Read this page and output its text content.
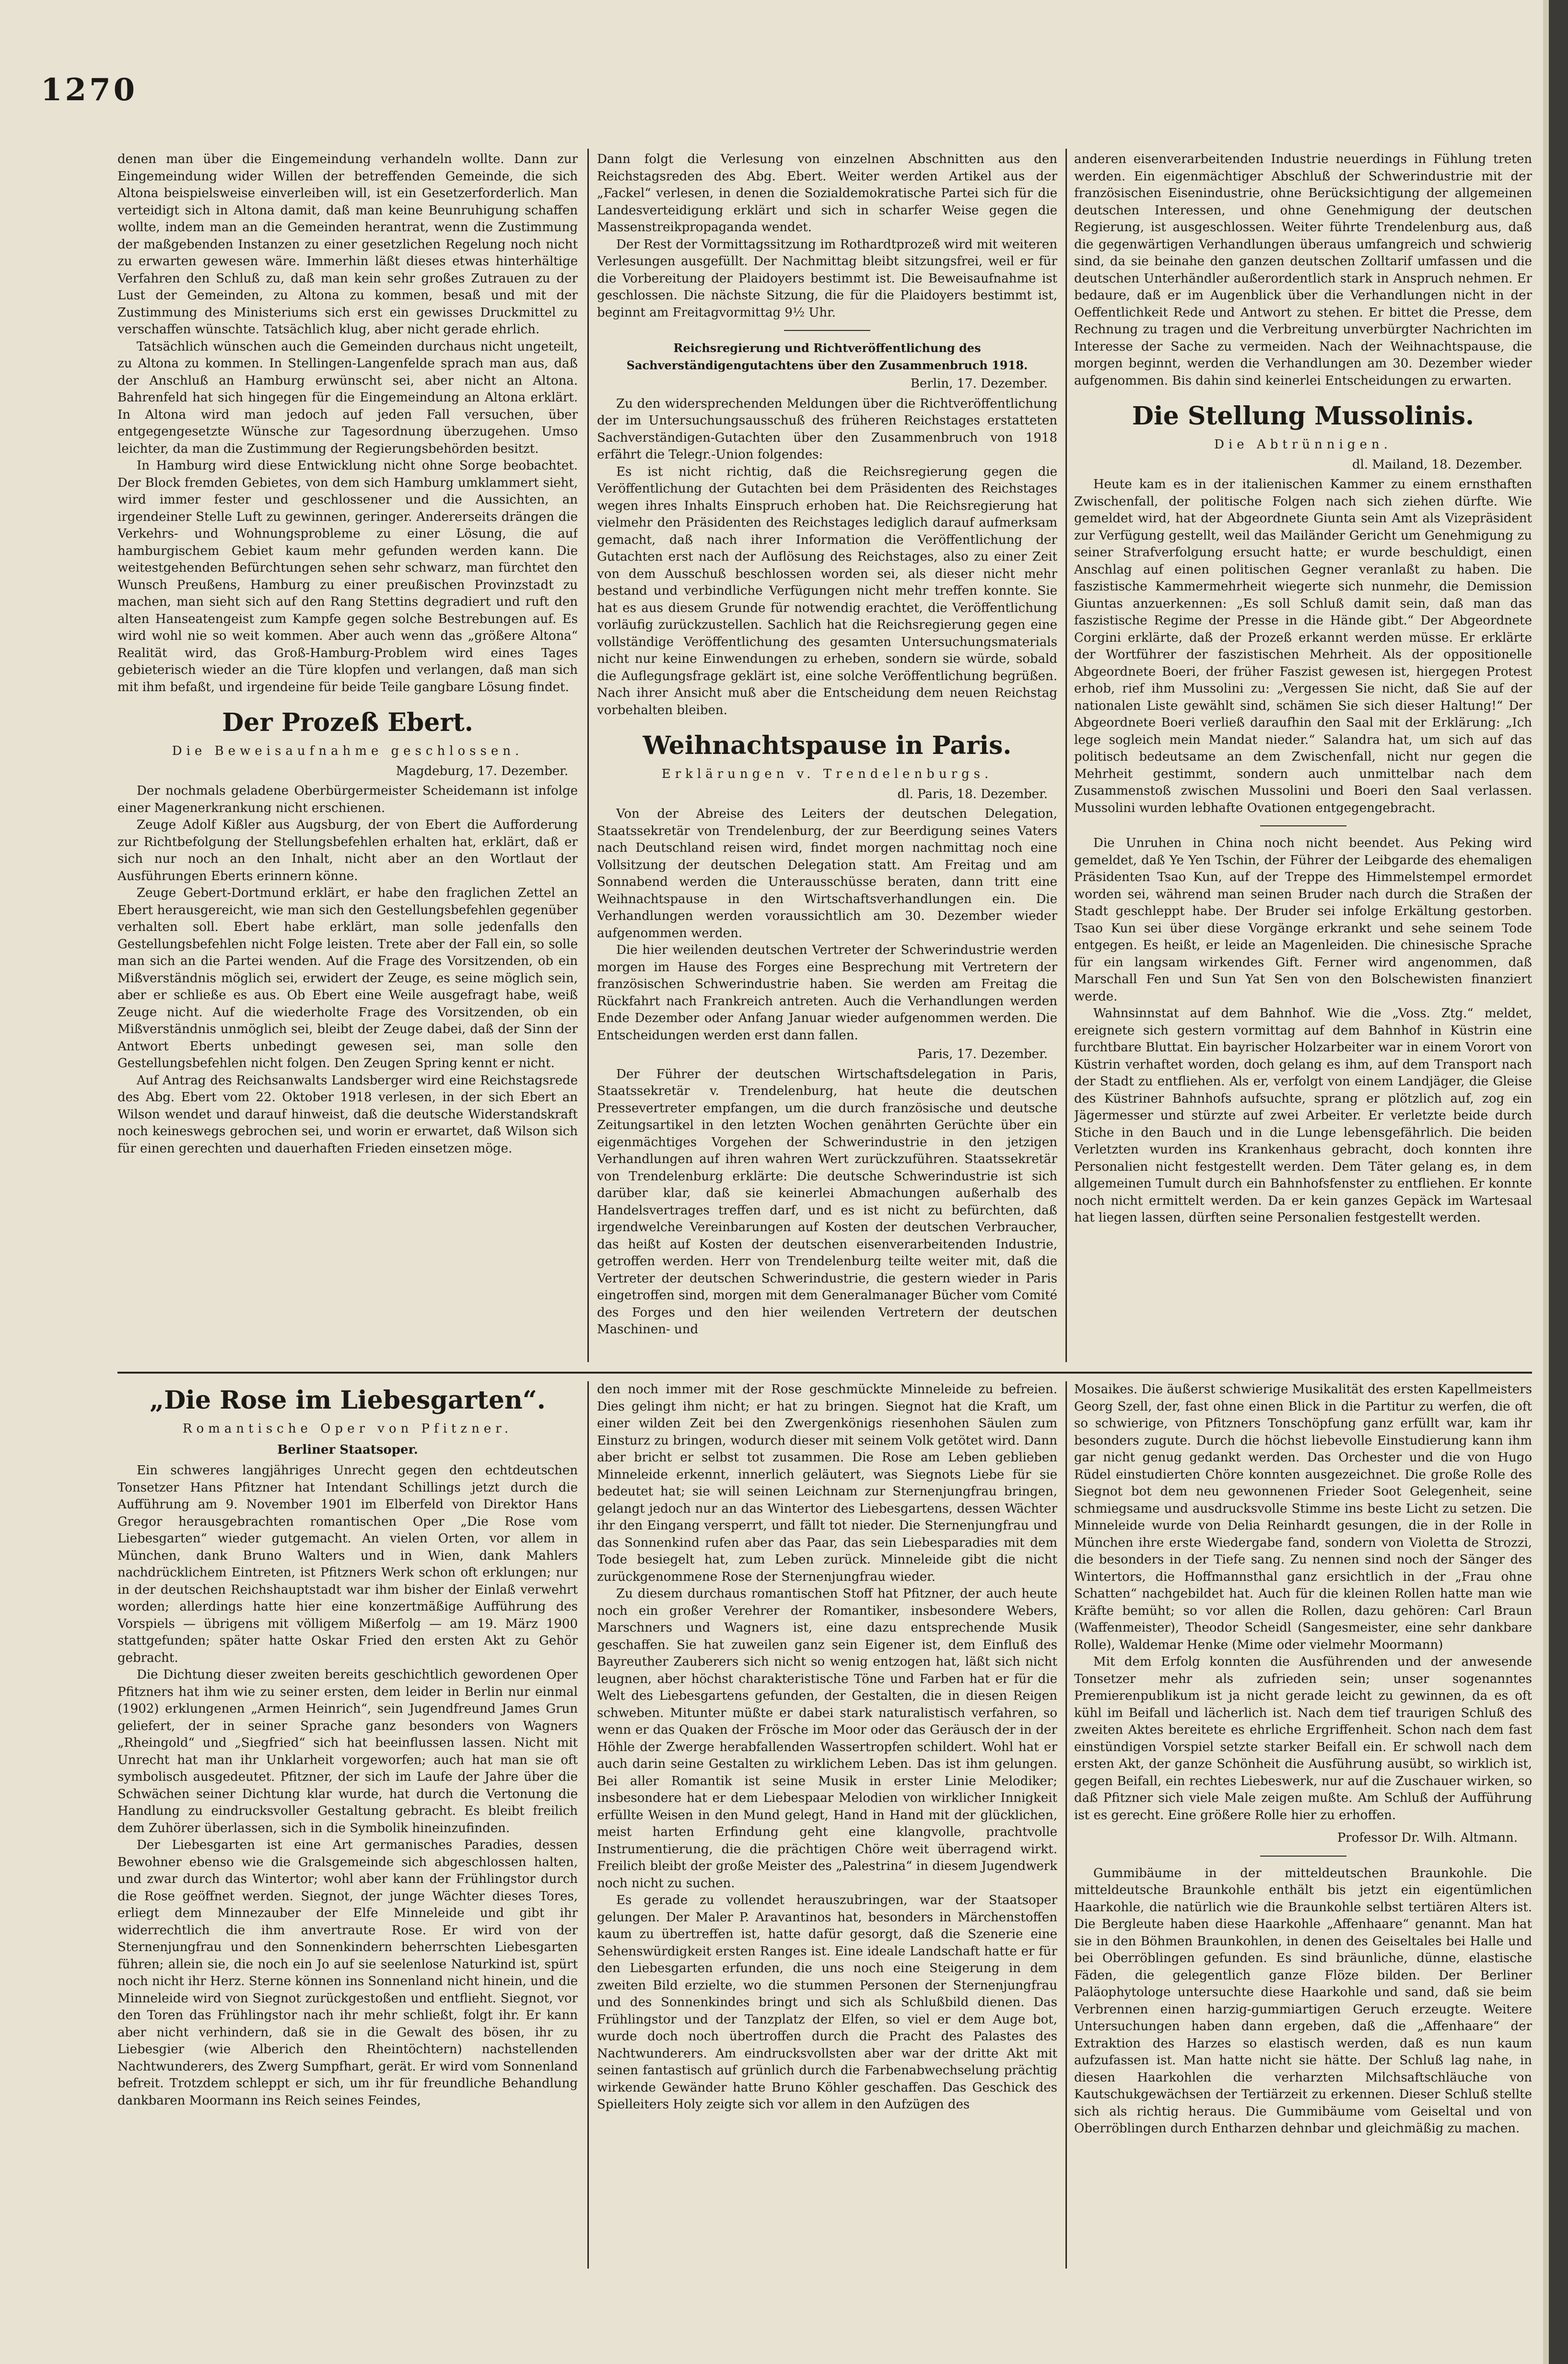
1270

denen man über die Eingemeindung verhandeln wollte. Dann zur Eingemeindung wider Willen der betreffenden Gemeinde, die sich Altona beispielsweise einverleiben will, ist ein Gesetzerforderlich. Man verteidigt sich in Altona damit, daß man keine Beunruhigung schaffen wollte, indem man an die Gemeinden herantrat, wenn die Zustimmung der maßgebenden Instanzen zu einer gesetzlichen Regelung noch nicht zu erwarten gewesen wäre. Immerhin läßt dieses etwas hinterhältige Verfahren den Schluß zu, daß man kein sehr großes Zutrauen zu der Lust der Gemeinden, zu Altona zu kommen, besaß und mit der Zustimmung des Ministeriums sich erst ein gewisses Druckmittel zu verschaffen wünschte. Tatsächlich klug, aber nicht gerade ehrlich.

Tatsächlich wünschen auch die Gemeinden durchaus nicht ungeteilt, zu Altona zu kommen. In Stellingen-Langenfelde sprach man aus, daß der Anschluß an Hamburg erwünscht sei, aber nicht an Altona. Bahrenfeld hat sich hingegen für die Eingemeindung an Altona erklärt. In Altona wird man jedoch auf jeden Fall versuchen, über entgegengesetzte Wünsche zur Tagesordnung überzugehen. Umso leichter, da man die Zustimmung der Regierungsbehörden besitzt.

In Hamburg wird diese Entwicklung nicht ohne Sorge beobachtet. Der Block fremden Gebietes, von dem sich Hamburg umklammert sieht, wird immer fester und geschlossener und die Aussichten, an irgendeiner Stelle Luft zu gewinnen, geringer. Andererseits drängen die Verkehrs- und Wohnungsprobleme zu einer Lösung, die auf hamburgischem Gebiet kaum mehr gefunden werden kann. Die weitestgehenden Befürchtungen sehen sehr schwarz, man fürchtet den Wunsch Preußens, Hamburg zu einer preußischen Provinzstadt zu machen, man sieht sich auf den Rang Stettins degradiert und ruft den alten Hanseatengeist zum Kampfe gegen solche Bestrebungen auf. Es wird wohl nie so weit kommen. Aber auch wenn das „größere Altona“ Realität wird, das Groß-Hamburg-Problem wird eines Tages gebieterisch wieder an die Türe klopfen und verlangen, daß man sich mit ihm befaßt, und irgendeine für beide Teile gangbare Lösung findet.

Der Prozeß Ebert.
Die Beweisaufnahme geschlossen.
Magdeburg, 17. Dezember.

Der nochmals geladene Oberbürgermeister Scheidemann ist infolge einer Magenerkrankung nicht erschienen.

Zeuge Adolf Kißler aus Augsburg, der von Ebert die Aufforderung zur Richtbefolgung der Stellungsbefehlen erhalten hat, erklärt, daß er sich nur noch an den Inhalt, nicht aber an den Wortlaut der Ausführungen Eberts erinnern könne.

Zeuge Gebert-Dortmund erklärt, er habe den fraglichen Zettel an Ebert herausgereicht, wie man sich den Gestellungsbefehlen gegenüber verhalten soll. Ebert habe erklärt, man solle jedenfalls den Gestellungsbefehlen nicht Folge leisten. Trete aber der Fall ein, so solle man sich an die Partei wenden. Auf die Frage des Vorsitzenden, ob ein Mißverständnis möglich sei, erwidert der Zeuge, es seine möglich sein, aber er schließe es aus. Ob Ebert eine Weile ausgefragt habe, weiß Zeuge nicht. Auf die wiederholte Frage des Vorsitzenden, ob ein Mißverständnis unmöglich sei, bleibt der Zeuge dabei, daß der Sinn der Antwort Eberts unbedingt gewesen sei, man solle den Gestellungsbefehlen nicht folgen. Den Zeugen Spring kennt er nicht.

Auf Antrag des Reichsanwalts Landsberger wird eine Reichstagsrede des Abg. Ebert vom 22. Oktober 1918 verlesen, in der sich Ebert an Wilson wendet und darauf hinweist, daß die deutsche Widerstandskraft noch keineswegs gebrochen sei, und worin er erwartet, daß Wilson sich für einen gerechten und dauerhaften Frieden einsetzen möge.

Dann folgt die Verlesung von einzelnen Abschnitten aus den Reichstagsreden des Abg. Ebert. Weiter werden Artikel aus der „Fackel“ verlesen, in denen die Sozialdemokratische Partei sich für die Landesverteidigung erklärt und sich in scharfer Weise gegen die Massenstreikpropaganda wendet.

Der Rest der Vormittagssitzung im Rothardtprozeß wird mit weiteren Verlesungen ausgefüllt. Der Nachmittag bleibt sitzungsfrei, weil er für die Vorbereitung der Plaidoyers bestimmt ist. Die Beweisaufnahme ist geschlossen. Die nächste Sitzung, die für die Plaidoyers bestimmt ist, beginnt am Freitagvormittag 9½ Uhr.

Reichsregierung und Richtveröffentlichung des Sachverständigengutachtens über den Zusammenbruch 1918.
Berlin, 17. Dezember.

Zu den widersprechenden Meldungen über die Richtveröffentlichung der im Untersuchungsausschuß des früheren Reichstages erstatteten Sachverständigen-Gutachten über den Zusammenbruch von 1918 erfährt die Telegr.-Union folgendes:

Es ist nicht richtig, daß die Reichsregierung gegen die Veröffentlichung der Gutachten bei dem Präsidenten des Reichstages wegen ihres Inhalts Einspruch erhoben hat. Die Reichsregierung hat vielmehr den Präsidenten des Reichstages lediglich darauf aufmerksam gemacht, daß nach ihrer Information die Veröffentlichung der Gutachten erst nach der Auflösung des Reichstages, also zu einer Zeit von dem Ausschuß beschlossen worden sei, als dieser nicht mehr bestand und verbindliche Verfügungen nicht mehr treffen konnte. Sie hat es aus diesem Grunde für notwendig erachtet, die Veröffentlichung vorläufig zurückzustellen. Sachlich hat die Reichsregierung gegen eine vollständige Veröffentlichung des gesamten Untersuchungsmaterials nicht nur keine Einwendungen zu erheben, sondern sie würde, sobald die Auflegungsfrage geklärt ist, eine solche Veröffentlichung begrüßen. Nach ihrer Ansicht muß aber die Entscheidung dem neuen Reichstag vorbehalten bleiben.

Weihnachtspause in Paris.
Erklärungen v. Trendelenburgs.
dl. Paris, 18. Dezember.

Von der Abreise des Leiters der deutschen Delegation, Staatssekretär von Trendelenburg, der zur Beerdigung seines Vaters nach Deutschland reisen wird, findet morgen nachmittag noch eine Vollsitzung der deutschen Delegation statt. Am Freitag und am Sonnabend werden die Unterausschüsse beraten, dann tritt eine Weihnachtspause in den Wirtschaftsverhandlungen ein. Die Verhandlungen werden voraussichtlich am 30. Dezember wieder aufgenommen werden.

Die hier weilenden deutschen Vertreter der Schwerindustrie werden morgen im Hause des Forges eine Besprechung mit Vertretern der französischen Schwerindustrie haben. Sie werden am Freitag die Rückfahrt nach Frankreich antreten. Auch die Verhandlungen werden Ende Dezember oder Anfang Januar wieder aufgenommen werden. Die Entscheidungen werden erst dann fallen.

Paris, 17. Dezember.

Der Führer der deutschen Wirtschaftsdelegation in Paris, Staatssekretär v. Trendelenburg, hat heute die deutschen Pressevertreter empfangen, um die durch französische und deutsche Zeitungsartikel in den letzten Wochen genährten Gerüchte über ein eigenmächtiges Vorgehen der Schwerindustrie in den jetzigen Verhandlungen auf ihren wahren Wert zurückzuführen. Staatssekretär von Trendelenburg erklärte: Die deutsche Schwerindustrie ist sich darüber klar, daß sie keinerlei Abmachungen außerhalb des Handelsvertrages treffen darf, und es ist nicht zu befürchten, daß irgendwelche Vereinbarungen auf Kosten der deutschen Verbraucher, das heißt auf Kosten der deutschen eisenverarbeitenden Industrie, getroffen werden. Herr von Trendelenburg teilte weiter mit, daß die Vertreter der deutschen Schwerindustrie, die gestern wieder in Paris eingetroffen sind, morgen mit dem Generalmanager Bücher vom Comité des Forges und den hier weilenden Vertretern der deutschen Maschinen- und

anderen eisenverarbeitenden Industrie neuerdings in Fühlung treten werden. Ein eigenmächtiger Abschluß der Schwerindustrie mit der französischen Eisenindustrie, ohne Berücksichtigung der allgemeinen deutschen Interessen, und ohne Genehmigung der deutschen Regierung, ist ausgeschlossen. Weiter führte Trendelenburg aus, daß die gegenwärtigen Verhandlungen überaus umfangreich und schwierig sind, da sie beinahe den ganzen deutschen Zolltarif umfassen und die deutschen Unterhändler außerordentlich stark in Anspruch nehmen. Er bedaure, daß er im Augenblick über die Verhandlungen nicht in der Oeffentlichkeit Rede und Antwort zu stehen. Er bittet die Presse, dem Rechnung zu tragen und die Verbreitung unverbürgter Nachrichten im Interesse der Sache zu vermeiden. Nach der Weihnachtspause, die morgen beginnt, werden die Verhandlungen am 30. Dezember wieder aufgenommen. Bis dahin sind keinerlei Entscheidungen zu erwarten.

Die Stellung Mussolinis.
Die Abtrünnigen.
dl. Mailand, 18. Dezember.

Heute kam es in der italienischen Kammer zu einem ernsthaften Zwischenfall, der politische Folgen nach sich ziehen dürfte. Wie gemeldet wird, hat der Abgeordnete Giunta sein Amt als Vizepräsident zur Verfügung gestellt, weil das Mailänder Gericht um Genehmigung zu seiner Strafverfolgung ersucht hatte; er wurde beschuldigt, einen Anschlag auf einen politischen Gegner veranlaßt zu haben. Die faszistische Kammermehrheit wiegerte sich nunmehr, die Demission Giuntas anzuerkennen: „Es soll Schluß damit sein, daß man das faszistische Regime der Presse in die Hände gibt.“ Der Abgeordnete Corgini erklärte, daß der Prozeß erkannt werden müsse. Er erklärte der Wortführer der faszistischen Mehrheit. Als der oppositionelle Abgeordnete Boeri, der früher Faszist gewesen ist, hiergegen Protest erhob, rief ihm Mussolini zu: „Vergessen Sie nicht, daß Sie auf der nationalen Liste gewählt sind, schämen Sie sich dieser Haltung!“ Der Abgeordnete Boeri verließ daraufhin den Saal mit der Erklärung: „Ich lege sogleich mein Mandat nieder.“ Salandra hat, um sich auf das politisch bedeutsame an dem Zwischenfall, nicht nur gegen die Mehrheit gestimmt, sondern auch unmittelbar nach dem Zusammenstoß zwischen Mussolini und Boeri den Saal verlassen. Mussolini wurden lebhafte Ovationen entgegengebracht.

Die Unruhen in China noch nicht beendet. Aus Peking wird gemeldet, daß Ye Yen Tschin, der Führer der Leibgarde des ehemaligen Präsidenten Tsao Kun, auf der Treppe des Himmelstempel ermordet worden sei, während man seinen Bruder nach durch die Straßen der Stadt geschleppt habe. Der Bruder sei infolge Erkältung gestorben. Tsao Kun sei über diese Vorgänge erkrankt und sehe seinem Tode entgegen. Es heißt, er leide an Magenleiden. Die chinesische Sprache für ein langsam wirkendes Gift. Ferner wird angenommen, daß Marschall Fen und Sun Yat Sen von den Bolschewisten finanziert werde.

Wahnsinnstat auf dem Bahnhof. Wie die „Voss. Ztg.“ meldet, ereignete sich gestern vormittag auf dem Bahnhof in Küstrin eine furchtbare Bluttat. Ein bayrischer Holzarbeiter war in einem Vorort von Küstrin verhaftet worden, doch gelang es ihm, auf dem Transport nach der Stadt zu entfliehen. Als er, verfolgt von einem Landjäger, die Gleise des Küstriner Bahnhofs aufsuchte, sprang er plötzlich auf, zog ein Jägermesser und stürzte auf zwei Arbeiter. Er verletzte beide durch Stiche in den Bauch und in die Lunge lebensgefährlich. Die beiden Verletzten wurden ins Krankenhaus gebracht, doch konnten ihre Personalien nicht festgestellt werden. Dem Täter gelang es, in dem allgemeinen Tumult durch ein Bahnhofsfenster zu entfliehen. Er konnte noch nicht ermittelt werden. Da er kein ganzes Gepäck im Wartesaal hat liegen lassen, dürften seine Personalien festgestellt werden.

„Die Rose im Liebesgarten“.
Romantische Oper von Pfitzner.
Berliner Staatsoper.

Ein schweres langjähriges Unrecht gegen den echtdeutschen Tonsetzer Hans Pfitzner hat Intendant Schillings jetzt durch die Aufführung am 9. November 1901 im Elberfeld von Direktor Hans Gregor herausgebrachten romantischen Oper „Die Rose vom Liebesgarten“ wieder gutgemacht. An vielen Orten, vor allem in München, dank Bruno Walters und in Wien, dank Mahlers nachdrücklichem Eintreten, ist Pfitzners Werk schon oft erklungen; nur in der deutschen Reichshauptstadt war ihm bisher der Einlaß verwehrt worden; allerdings hatte hier eine konzertmäßige Aufführung des Vorspiels — übrigens mit völligem Mißerfolg — am 19. März 1900 stattgefunden; später hatte Oskar Fried den ersten Akt zu Gehör gebracht.

Die Dichtung dieser zweiten bereits geschichtlich gewordenen Oper Pfitzners hat ihm wie zu seiner ersten, dem leider in Berlin nur einmal (1902) erklungenen „Armen Heinrich“, sein Jugendfreund James Grun geliefert, der in seiner Sprache ganz besonders von Wagners „Rheingold“ und „Siegfried“ sich hat beeinflussen lassen. Nicht mit Unrecht hat man ihr Unklarheit vorgeworfen; auch hat man sie oft symbolisch ausgedeutet. Pfitzner, der sich im Laufe der Jahre über die Schwächen seiner Dichtung klar wurde, hat durch die Vertonung die Handlung zu eindrucksvoller Gestaltung gebracht. Es bleibt freilich dem Zuhörer überlassen, sich in die Symbolik hineinzufinden.

Der Liebesgarten ist eine Art germanisches Paradies, dessen Bewohner ebenso wie die Gralsgemeinde sich abgeschlossen halten, und zwar durch das Wintertor; wohl aber kann der Frühlingstor durch die Rose geöffnet werden. Siegnot, der junge Wächter dieses Tores, erliegt dem Minnezauber der Elfe Minneleide und gibt ihr widerrechtlich die ihm anvertraute Rose. Er wird von der Sternenjungfrau und den Sonnenkindern beherrschten Liebesgarten führen; allein sie, die noch ein Jo auf sie seelenlose Naturkind ist, spürt noch nicht ihr Herz. Sterne können ins Sonnenland nicht hinein, und die Minneleide wird von Siegnot zurückgestoßen und entflieht. Siegnot, vor den Toren das Frühlingstor nach ihr mehr schließt, folgt ihr. Er kann aber nicht verhindern, daß sie in die Gewalt des bösen, ihr zu Liebesgier (wie Alberich den Rheintöchtern) nachstellenden Nachtwunderers, des Zwerg Sumpfhart, gerät. Er wird vom Sonnenland befreit. Trotzdem schleppt er sich, um ihr für freundliche Behandlung dankbaren Moormann ins Reich seines Feindes,

den noch immer mit der Rose geschmückte Minneleide zu befreien. Dies gelingt ihm nicht; er hat zu bringen. Siegnot hat die Kraft, um einer wilden Zeit bei den Zwergenkönigs riesenhohen Säulen zum Einsturz zu bringen, wodurch dieser mit seinem Volk getötet wird. Dann aber bricht er selbst tot zusammen. Die Rose am Leben geblieben Minneleide erkennt, innerlich geläutert, was Siegnots Liebe für sie bedeutet hat; sie will seinen Leichnam zur Sternenjungfrau bringen, gelangt jedoch nur an das Wintertor des Liebesgartens, dessen Wächter ihr den Eingang versperrt, und fällt tot nieder. Die Sternenjungfrau und das Sonnenkind rufen aber das Paar, das sein Liebesparadies mit dem Tode besiegelt hat, zum Leben zurück. Minneleide gibt die nicht zurückgenommene Rose der Sternenjungfrau wieder.

Zu diesem durchaus romantischen Stoff hat Pfitzner, der auch heute noch ein großer Verehrer der Romantiker, insbesondere Webers, Marschners und Wagners ist, eine dazu entsprechende Musik geschaffen. Sie hat zuweilen ganz sein Eigener ist, dem Einfluß des Bayreuther Zauberers sich nicht so wenig entzogen hat, läßt sich nicht leugnen, aber höchst charakteristische Töne und Farben hat er für die Welt des Liebesgartens gefunden, der Gestalten, die in diesen Reigen schweben. Mitunter müßte er dabei stark naturalistisch verfahren, so wenn er das Quaken der Frösche im Moor oder das Geräusch der in der Höhle der Zwerge herabfallenden Wassertropfen schildert. Wohl hat er auch darin seine Gestalten zu wirklichem Leben. Das ist ihm gelungen. Bei aller Romantik ist seine Musik in erster Linie Melodiker; insbesondere hat er dem Liebespaar Melodien von wirklicher Innigkeit erfüllte Weisen in den Mund gelegt, Hand in Hand mit der glücklichen, meist harten Erfindung geht eine klangvolle, prachtvolle Instrumentierung, die die prächtigen Chöre weit überragend wirkt. Freilich bleibt der große Meister des „Palestrina“ in diesem Jugendwerk noch nicht zu suchen.

Es gerade zu vollendet herauszubringen, war der Staatsoper gelungen. Der Maler P. Aravantinos hat, besonders in Märchenstoffen kaum zu übertreffen ist, hatte dafür gesorgt, daß die Szenerie eine Sehenswürdigkeit ersten Ranges ist. Eine ideale Landschaft hatte er für den Liebesgarten erfunden, die uns noch eine Steigerung in dem zweiten Bild erzielte, wo die stummen Personen der Sternenjungfrau und des Sonnenkindes bringt und sich als Schlußbild dienen. Das Frühlingstor und der Tanzplatz der Elfen, so viel er dem Auge bot, wurde doch noch übertroffen durch die Pracht des Palastes des Nachtwunderers. Am eindrucksvollsten aber war der dritte Akt mit seinen fantastisch auf grünlich durch die Farbenabwechselung prächtig wirkende Gewänder hatte Bruno Köhler geschaffen. Das Geschick des Spielleiters Holy zeigte sich vor allem in den Aufzügen des

Mosaikes. Die äußerst schwierige Musikalität des ersten Kapellmeisters Georg Szell, der, fast ohne einen Blick in die Partitur zu werfen, die oft so schwierige, von Pfitzners Tonschöpfung ganz erfüllt war, kam ihr besonders zugute. Durch die höchst liebevolle Einstudierung kann ihm gar nicht genug gedankt werden. Das Orchester und die von Hugo Rüdel einstudierten Chöre konnten ausgezeichnet. Die große Rolle des Siegnot bot dem neu gewonnenen Frieder Soot Gelegenheit, seine schmiegsame und ausdrucksvolle Stimme ins beste Licht zu setzen. Die Minneleide wurde von Delia Reinhardt gesungen, die in der Rolle in München ihre erste Wiedergabe fand, sondern von Violetta de Strozzi, die besonders in der Tiefe sang. Zu nennen sind noch der Sänger des Wintertors, die Hoffmannsthal ganz ersichtlich in der „Frau ohne Schatten“ nachgebildet hat. Auch für die kleinen Rollen hatte man wie Kräfte bemüht; so vor allen die Rollen, dazu gehören: Carl Braun (Waffenmeister), Theodor Scheidl (Sangesmeister, eine sehr dankbare Rolle), Waldemar Henke (Mime oder vielmehr Moormann)

Mit dem Erfolg konnten die Ausführenden und der anwesende Tonsetzer mehr als zufrieden sein; unser sogenanntes Premierenpublikum ist ja nicht gerade leicht zu gewinnen, da es oft kühl im Beifall und lächerlich ist. Nach dem tief traurigen Schluß des zweiten Aktes bereitete es ehrliche Ergriffenheit. Schon nach dem fast einstündigen Vorspiel setzte starker Beifall ein. Er schwoll nach dem ersten Akt, der ganze Schönheit die Ausführung ausübt, so wirklich ist, gegen Beifall, ein rechtes Liebeswerk, nur auf die Zuschauer wirken, so daß Pfitzner sich viele Male zeigen mußte. Am Schluß der Aufführung ist es gerecht. Eine größere Rolle hier zu erhoffen.

Professor Dr. Wilh. Altmann.

Gummibäume in der mitteldeutschen Braunkohle. Die mitteldeutsche Braunkohle enthält bis jetzt ein eigentümlichen Haarkohle, die natürlich wie die Braunkohle selbst tertiären Alters ist. Die Bergleute haben diese Haarkohle „Affenhaare“ genannt. Man hat sie in den Böhmen Braunkohlen, in denen des Geiseltales bei Halle und bei Oberröblingen gefunden. Es sind bräunliche, dünne, elastische Fäden, die gelegentlich ganze Flöze bilden. Der Berliner Paläophytologe untersuchte diese Haarkohle und sand, daß sie beim Verbrennen einen harzig-gummiartigen Geruch erzeugte. Weitere Untersuchungen haben dann ergeben, daß die „Affenhaare“ der Extraktion des Harzes so elastisch werden, daß es nun kaum aufzufassen ist. Man hatte nicht sie hätte. Der Schluß lag nahe, in diesen Haarkohlen die verharzten Milchsaftschläuche von Kautschukgewächsen der Tertiärzeit zu erkennen. Dieser Schluß stellte sich als richtig heraus. Die Gummibäume vom Geiseltal und von Oberröblingen durch Entharzen dehnbar und gleichmäßig zu machen.
